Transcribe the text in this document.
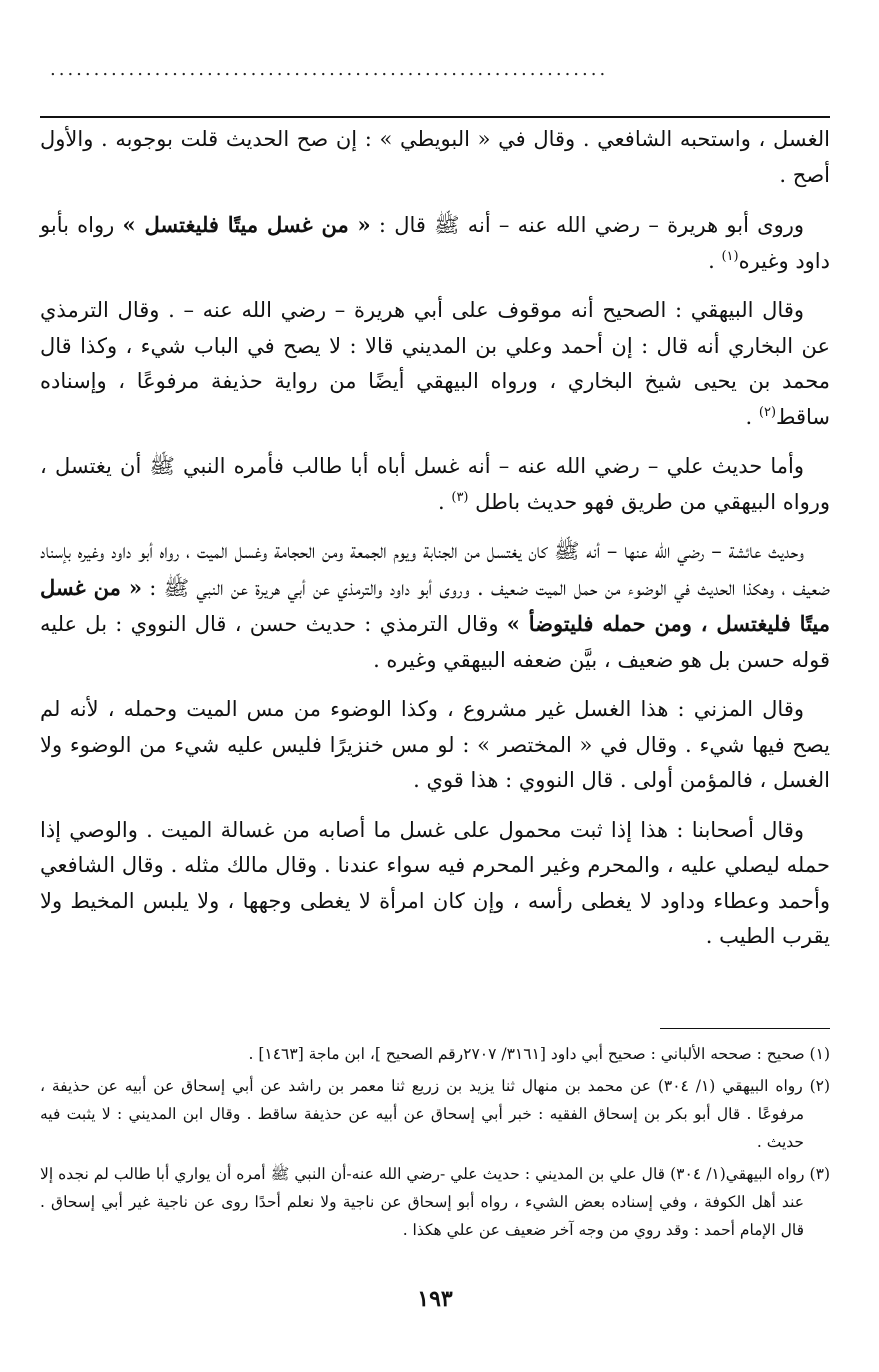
................................................................

الغسل ، واستحبه الشافعي . وقال في « البويطي » : إن صح الحديث قلت بوجوبه . والأول أصح .

وروى أبو هريرة – رضي الله عنه – أنه ﷺ قال : « من غسل ميتًا فليغتسل » رواه بأبو داود وغيره$^{(١)}$ .

وقال البيهقي : الصحيح أنه موقوف على أبي هريرة – رضي الله عنه – . وقال الترمذي عن البخاري أنه قال : إن أحمد وعلي بن المديني قالا : لا يصح في الباب شيء ، وكذا قال محمد بن يحيى شيخ البخاري ، ورواه البيهقي أيضًا من رواية حذيفة مرفوعًا ، وإسناده ساقط$^{(٢)}$ .

وأما حديث علي – رضي الله عنه – أنه غسل أباه أبا طالب فأمره النبي ﷺ أن يغتسل ، ورواه البيهقي من طريق فهو حديث باطل $^{(٣)}$ .

وحديث عائشة – رضي الله عنها – أنه ﷺ كان يغتسل من الجنابة ويوم الجمعة ومن الحجامة وغسل الميت ، رواه أبو داود وغيره بإسناد ضعيف ، وهكذا الحديث في الوضوء من حمل الميت ضعيف . وروى أبو داود والترمذي عن أبي هريرة عن النبي ﷺ : « من غسل ميتًا فليغتسل ، ومن حمله فليتوضأ » وقال الترمذي : حديث حسن ، قال النووي : بل عليه قوله حسن بل هو ضعيف ، بيَّن ضعفه البيهقي وغيره .

وقال المزني : هذا الغسل غير مشروع ، وكذا الوضوء من مس الميت وحمله ، لأنه لم يصح فيها شيء . وقال في « المختصر » : لو مس خنزيرًا فليس عليه شيء من الوضوء ولا الغسل ، فالمؤمن أولى . قال النووي : هذا قوي .

وقال أصحابنا : هذا إذا ثبت محمول على غسل ما أصابه من غسالة الميت . والوصي إذا حمله ليصلي عليه ، والمحرم وغير المحرم فيه سواء عندنا . وقال مالك مثله . وقال الشافعي وأحمد وعطاء وداود لا يغطى رأسه ، وإن كان امرأة لا يغطى وجهها ، ولا يلبس المخيط ولا يقرب الطيب .

(١) صحيح : صححه الألباني : صحيح أبي داود [٣١٦١/ ٢٧٠٧رقم الصحيح ]، ابن ماجة [١٤٦٣] .

(٢) رواه البيهقي (١/ ٣٠٤) عن محمد بن منهال ثنا يزيد بن زريع ثنا معمر بن راشد عن أبي إسحاق عن أبيه عن حذيفة ، مرفوعًا . قال أبو بكر بن إسحاق الفقيه : خبر أبي إسحاق عن أبيه عن حذيفة ساقط . وقال ابن المديني : لا يثبت فيه حديث .

(٣) رواه البيهقي(١/ ٣٠٤) قال علي بن المديني : حديث علي -رضي الله عنه-أن النبي ﷺ أمره أن يواري أبا طالب لم نجده إلا عند أهل الكوفة ، وفي إسناده بعض الشيء ، رواه أبو إسحاق عن ناجية ولا نعلم أحدًا روى عن ناجية غير أبي إسحاق . قال الإمام أحمد : وقد روي من وجه آخر ضعيف عن علي هكذا .

١٩٣
